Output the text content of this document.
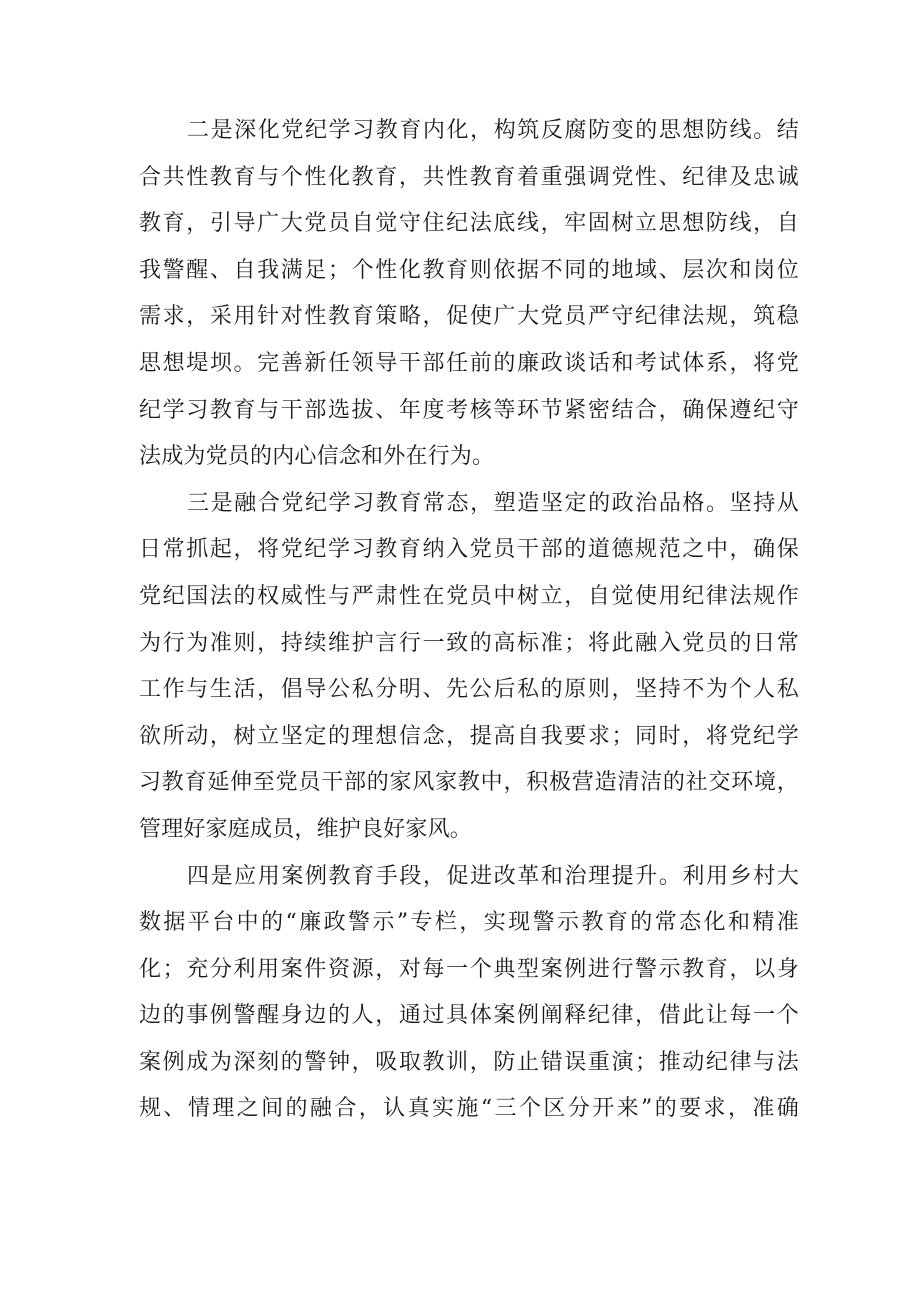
二是深化党纪学习教育内化，构筑反腐防变的思想防线。结
合共性教育与个性化教育，共性教育着重强调党性、纪律及忠诚
教育，引导广大党员自觉守住纪法底线，牢固树立思想防线，自
我警醒、自我满足；个性化教育则依据不同的地域、层次和岗位
需求，采用针对性教育策略，促使广大党员严守纪律法规，筑稳
思想堤坝。完善新任领导干部任前的廉政谈话和考试体系，将党
纪学习教育与干部选拔、年度考核等环节紧密结合，确保遵纪守
法成为党员的内心信念和外在行为。
三是融合党纪学习教育常态，塑造坚定的政治品格。坚持从
日常抓起，将党纪学习教育纳入党员干部的道德规范之中，确保
党纪国法的权威性与严肃性在党员中树立，自觉使用纪律法规作
为行为准则，持续维护言行一致的高标准；将此融入党员的日常
工作与生活，倡导公私分明、先公后私的原则，坚持不为个人私
欲所动，树立坚定的理想信念，提高自我要求；同时，将党纪学
习教育延伸至党员干部的家风家教中，积极营造清洁的社交环境，
管理好家庭成员，维护良好家风。
四是应用案例教育手段，促进改革和治理提升。利用乡村大
数据平台中的“廉政警示”专栏，实现警示教育的常态化和精准
化；充分利用案件资源，对每一个典型案例进行警示教育，以身
边的事例警醒身边的人，通过具体案例阐释纪律，借此让每一个
案例成为深刻的警钟，吸取教训，防止错误重演；推动纪律与法
规、情理之间的融合，认真实施“三个区分开来”的要求，准确
